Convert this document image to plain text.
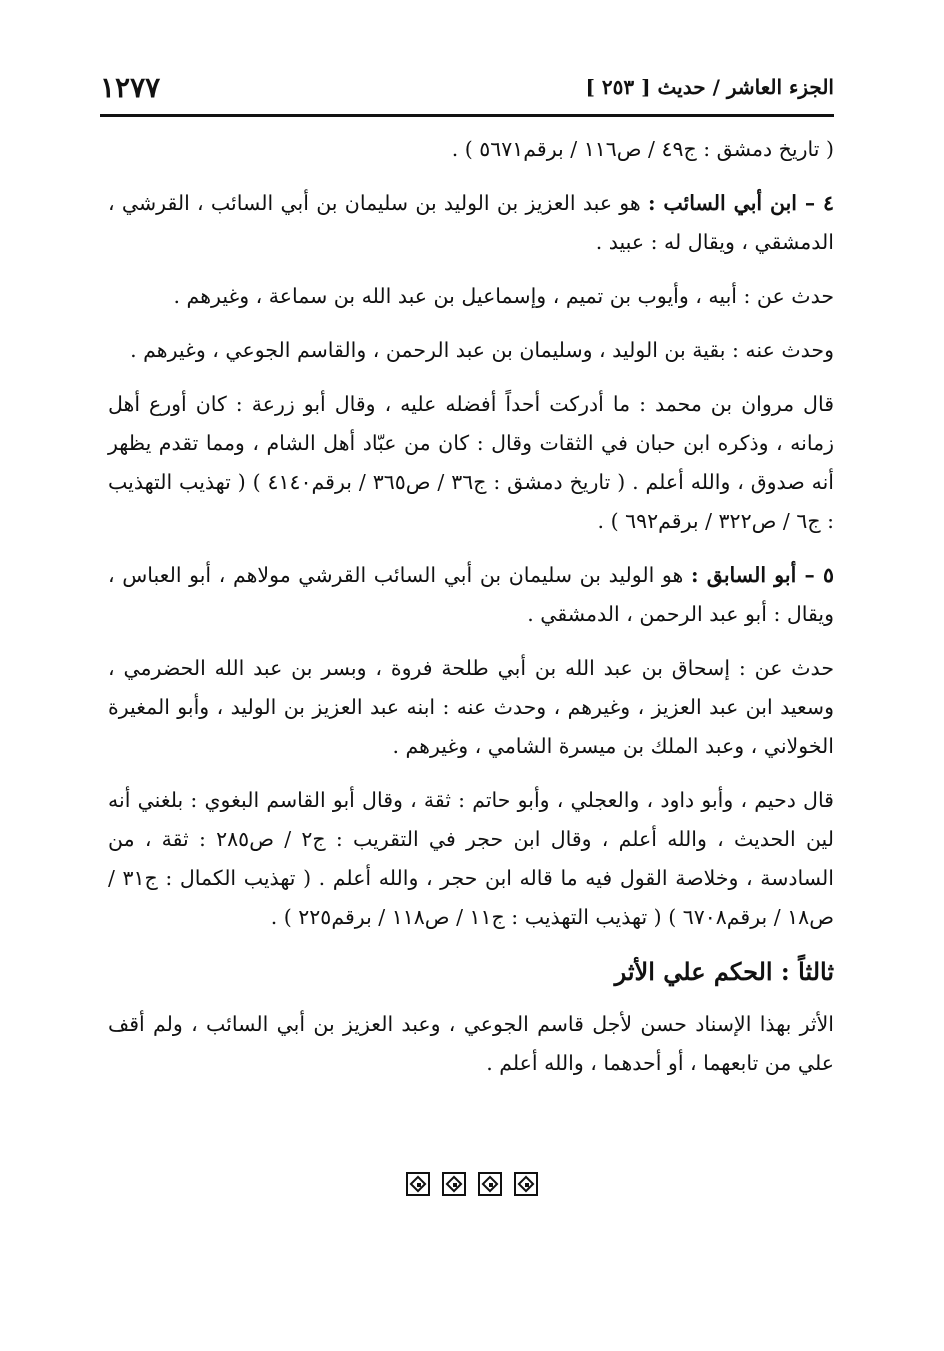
الجزء العاشر / حديث [ ٢٥٣ ]
١٢٧٧

( تاريخ دمشق : ج٤٩ / ص١١٦ / برقم٥٦٧١ ) .

٤ – ابن أبي السائب : هو عبد العزيز بن الوليد بن سليمان بن أبي السائب ، القرشي ، الدمشقي ، ويقال له : عبيد .

حدث عن : أبيه ، وأيوب بن تميم ، وإسماعيل بن عبد الله بن سماعة ، وغيرهم .

وحدث عنه : بقية بن الوليد ، وسليمان بن عبد الرحمن ، والقاسم الجوعي ، وغيرهم .

قال مروان بن محمد : ما أدركت أحداً أفضله عليه ، وقال أبو زرعة : كان أورع أهل زمانه ، وذكره ابن حبان في الثقات وقال : كان من عبّاد أهل الشام ، ومما تقدم يظهر أنه صدوق ، والله أعلم . ( تاريخ دمشق : ج٣٦ / ص٣٦٥ / برقم٤١٤٠ ) ( تهذيب التهذيب : ج٦ / ص٣٢٢ / برقم٦٩٢ ) .

٥ – أبو السابق : هو الوليد بن سليمان بن أبي السائب القرشي مولاهم ، أبو العباس ، ويقال : أبو عبد الرحمن ، الدمشقي .

حدث عن : إسحاق بن عبد الله بن أبي طلحة فروة ، وبسر بن عبد الله الحضرمي ، وسعيد ابن عبد العزيز ، وغيرهم ، وحدث عنه : ابنه عبد العزيز بن الوليد ، وأبو المغيرة الخولاني ، وعبد الملك بن ميسرة الشامي ، وغيرهم .

قال دحيم ، وأبو داود ، والعجلي ، وأبو حاتم : ثقة ، وقال أبو القاسم البغوي : بلغني أنه لين الحديث ، والله أعلم ، وقال ابن حجر في التقريب : ج٢ / ص٢٨٥ : ثقة ، من السادسة ، وخلاصة القول فيه ما قاله ابن حجر ، والله أعلم . ( تهذيب الكمال : ج٣١ / ص١٨ / برقم٦٧٠٨ ) ( تهذيب التهذيب : ج١١ / ص١١٨ / برقم٢٢٥ ) .

ثالثاً : الحكم علي الأثر

الأثر بهذا الإسناد حسن لأجل قاسم الجوعي ، وعبد العزيز بن أبي السائب ، ولم أقف علي من تابعهما ، أو أحدهما ، والله أعلم .
